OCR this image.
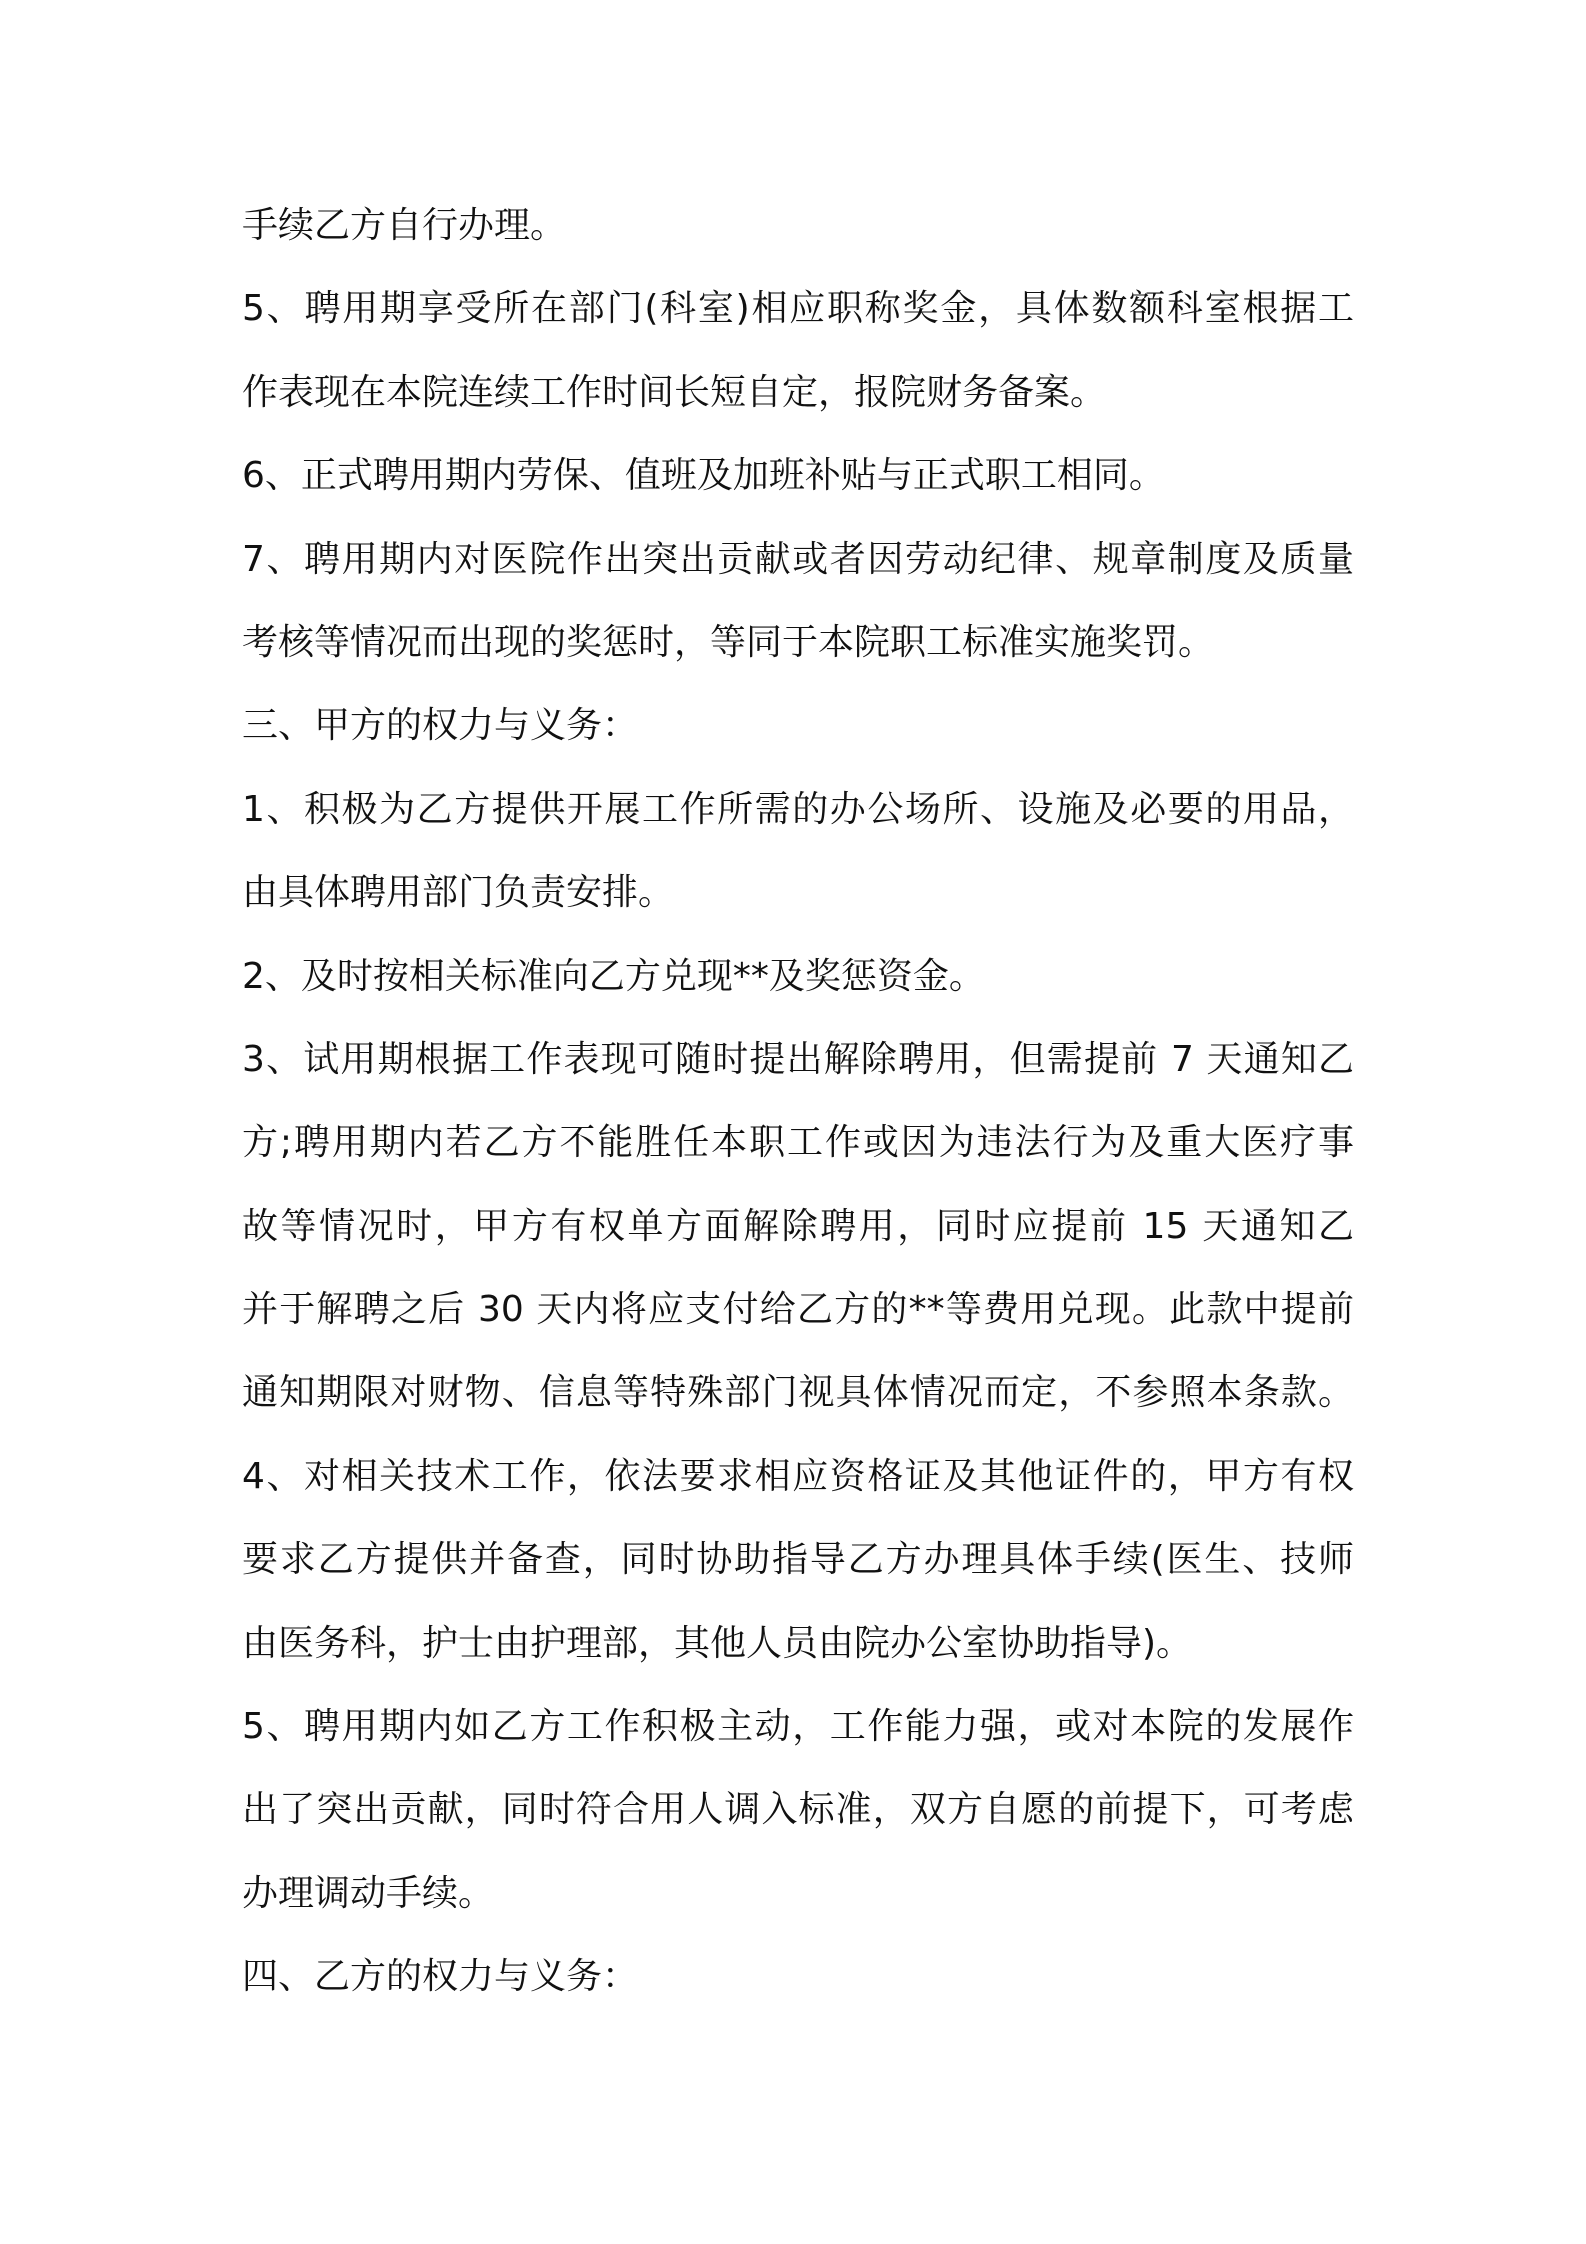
手续乙方自行办理。
5、聘用期享受所在部门(科室)相应职称奖金，具体数额科室根据工
作表现在本院连续工作时间长短自定，报院财务备案。
6、正式聘用期内劳保、值班及加班补贴与正式职工相同。
7、聘用期内对医院作出突出贡献或者因劳动纪律、规章制度及质量
考核等情况而出现的奖惩时，等同于本院职工标准实施奖罚。
三、甲方的权力与义务：
1、积极为乙方提供开展工作所需的办公场所、设施及必要的用品，
由具体聘用部门负责安排。
2、及时按相关标准向乙方兑现**及奖惩资金。
3、试用期根据工作表现可随时提出解除聘用，但需提前 7 天通知乙
方;聘用期内若乙方不能胜任本职工作或因为违法行为及重大医疗事
故等情况时，甲方有权单方面解除聘用，同时应提前 15 天通知乙
并于解聘之后 30 天内将应支付给乙方的**等费用兑现。此款中提前
通知期限对财物、信息等特殊部门视具体情况而定，不参照本条款。
4、对相关技术工作，依法要求相应资格证及其他证件的，甲方有权
要求乙方提供并备查，同时协助指导乙方办理具体手续(医生、技师
由医务科，护士由护理部，其他人员由院办公室协助指导)。
5、聘用期内如乙方工作积极主动，工作能力强，或对本院的发展作
出了突出贡献，同时符合用人调入标准，双方自愿的前提下，可考虑
办理调动手续。
四、乙方的权力与义务：
